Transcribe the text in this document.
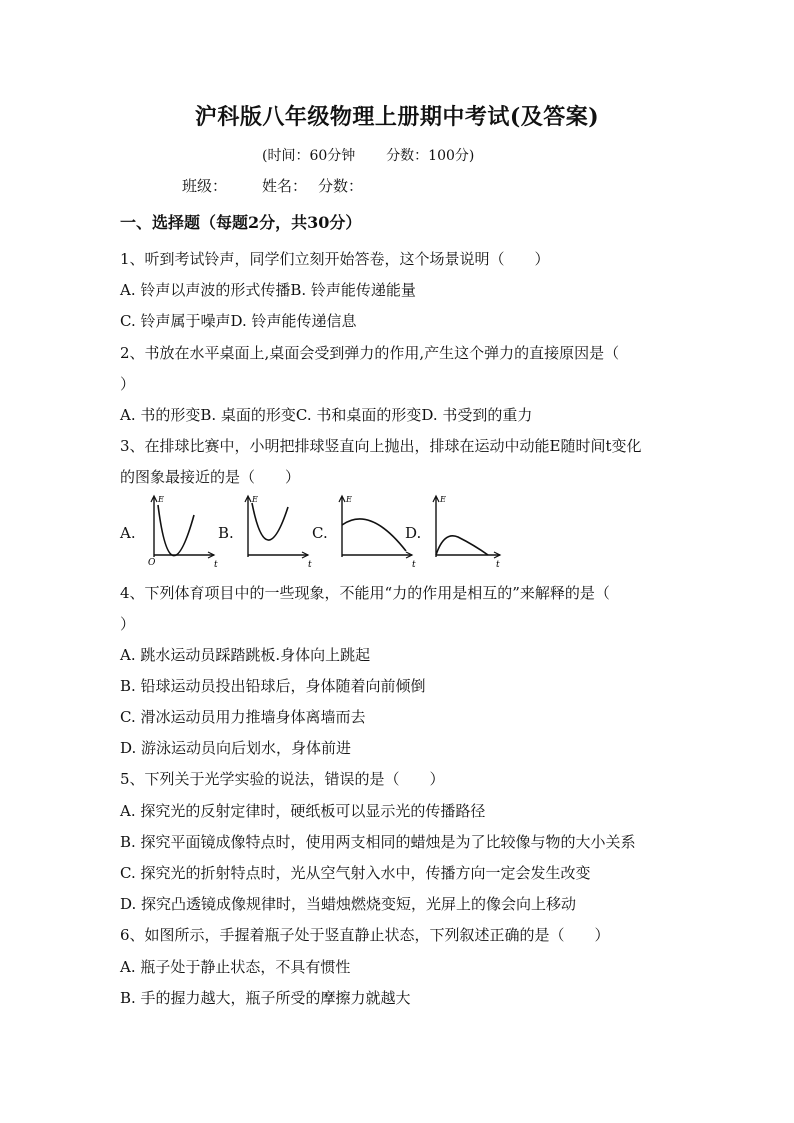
沪科版八年级物理上册期中考试(及答案)
(时间：60分钟 分数：100分)
班级： 姓名： 分数：
一、选择题（每题2分，共30分）
1、听到考试铃声，同学们立刻开始答卷，这个场景说明（　　）
A. 铃声以声波的形式传播B. 铃声能传递能量
C. 铃声属于噪声D. 铃声能传递信息
2、书放在水平桌面上,桌面会受到弹力的作用,产生这个弹力的直接原因是（
）
A. 书的形变B. 桌面的形变C. 书和桌面的形变D. 书受到的重力
3、在排球比赛中，小明把排球竖直向上抛出，排球在运动中动能E随时间t变化
的图象最接近的是（　　）
A.
E
O	t
B.
E
t
C.
E
t
D.
E
t
4、下列体育项目中的一些现象，不能用“力的作用是相互的”来解释的是（
）
A. 跳水运动员踩踏跳板.身体向上跳起
B. 铅球运动员投出铅球后，身体随着向前倾倒
C. 滑冰运动员用力推墙身体离墙而去
D. 游泳运动员向后划水，身体前进
5、下列关于光学实验的说法，错误的是（　　）
A. 探究光的反射定律时，硬纸板可以显示光的传播路径
B. 探究平面镜成像特点时，使用两支相同的蜡烛是为了比较像与物的大小关系
C. 探究光的折射特点时，光从空气射入水中，传播方向一定会发生改变
D. 探究凸透镜成像规律时，当蜡烛燃烧变短，光屏上的像会向上移动
6、如图所示，手握着瓶子处于竖直静止状态，下列叙述正确的是（　　）
A. 瓶子处于静止状态，不具有惯性
B. 手的握力越大，瓶子所受的摩擦力就越大
